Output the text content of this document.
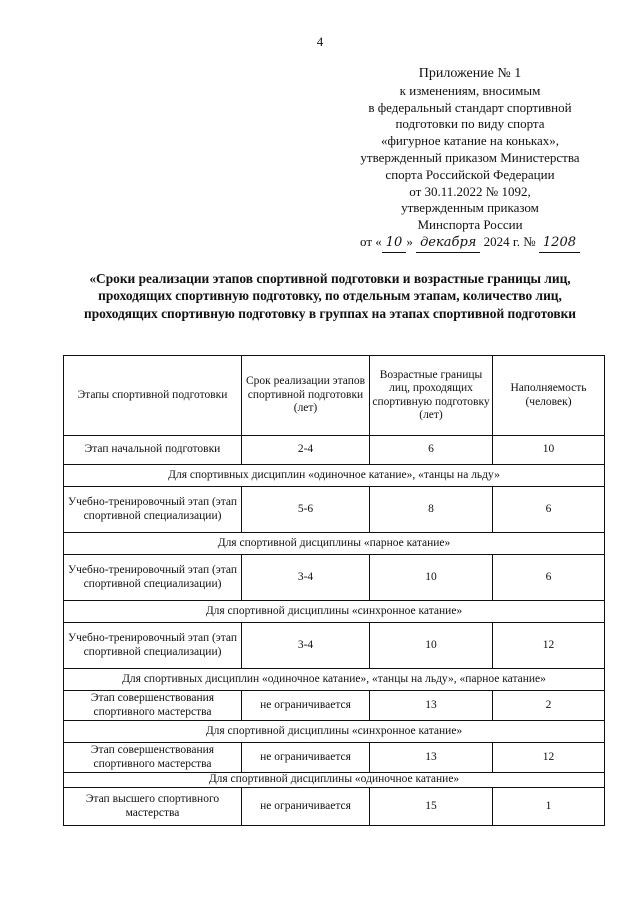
4
Приложение № 1
к изменениям, вносимым
в федеральный стандарт спортивной
подготовки по виду спорта
«фигурное катание на коньках»,
утвержденный приказом Министерства
спорта Российской Федерации
от 30.11.2022 № 1092,
утвержденным приказом
Минспорта России
от « 10 » декабря 2024 г. № 1208
«Сроки реализации этапов спортивной подготовки и возрастные границы лиц, проходящих спортивную подготовку, по отдельным этапам, количество лиц, проходящих спортивную подготовку в группах на этапах спортивной подготовки
Этапы спортивной подготовки	Срок реализации этапов спортивной подготовки (лет)	Возрастные границы лиц, проходящих спортивную подготовку (лет)	Наполняемость (человек)
Этап начальной подготовки	2-4	6	10
Для спортивных дисциплин «одиночное катание», «танцы на льду»			
Учебно-тренировочный этап (этап спортивной специализации)	5-6	8	6
Для спортивной дисциплины «парное катание»			
Учебно-тренировочный этап (этап спортивной специализации)	3-4	10	6
Для спортивной дисциплины «синхронное катание»			
Учебно-тренировочный этап (этап спортивной специализации)	3-4	10	12
Для спортивных дисциплин «одиночное катание», «танцы на льду», «парное катание»			
Этап совершенствования спортивного мастерства	не ограничивается	13	2
Для спортивной дисциплины «синхронное катание»			
Этап совершенствования спортивного мастерства	не ограничивается	13	12
Для спортивной дисциплины «одиночное катание»			
Этап высшего спортивного мастерства	не ограничивается	15	1
